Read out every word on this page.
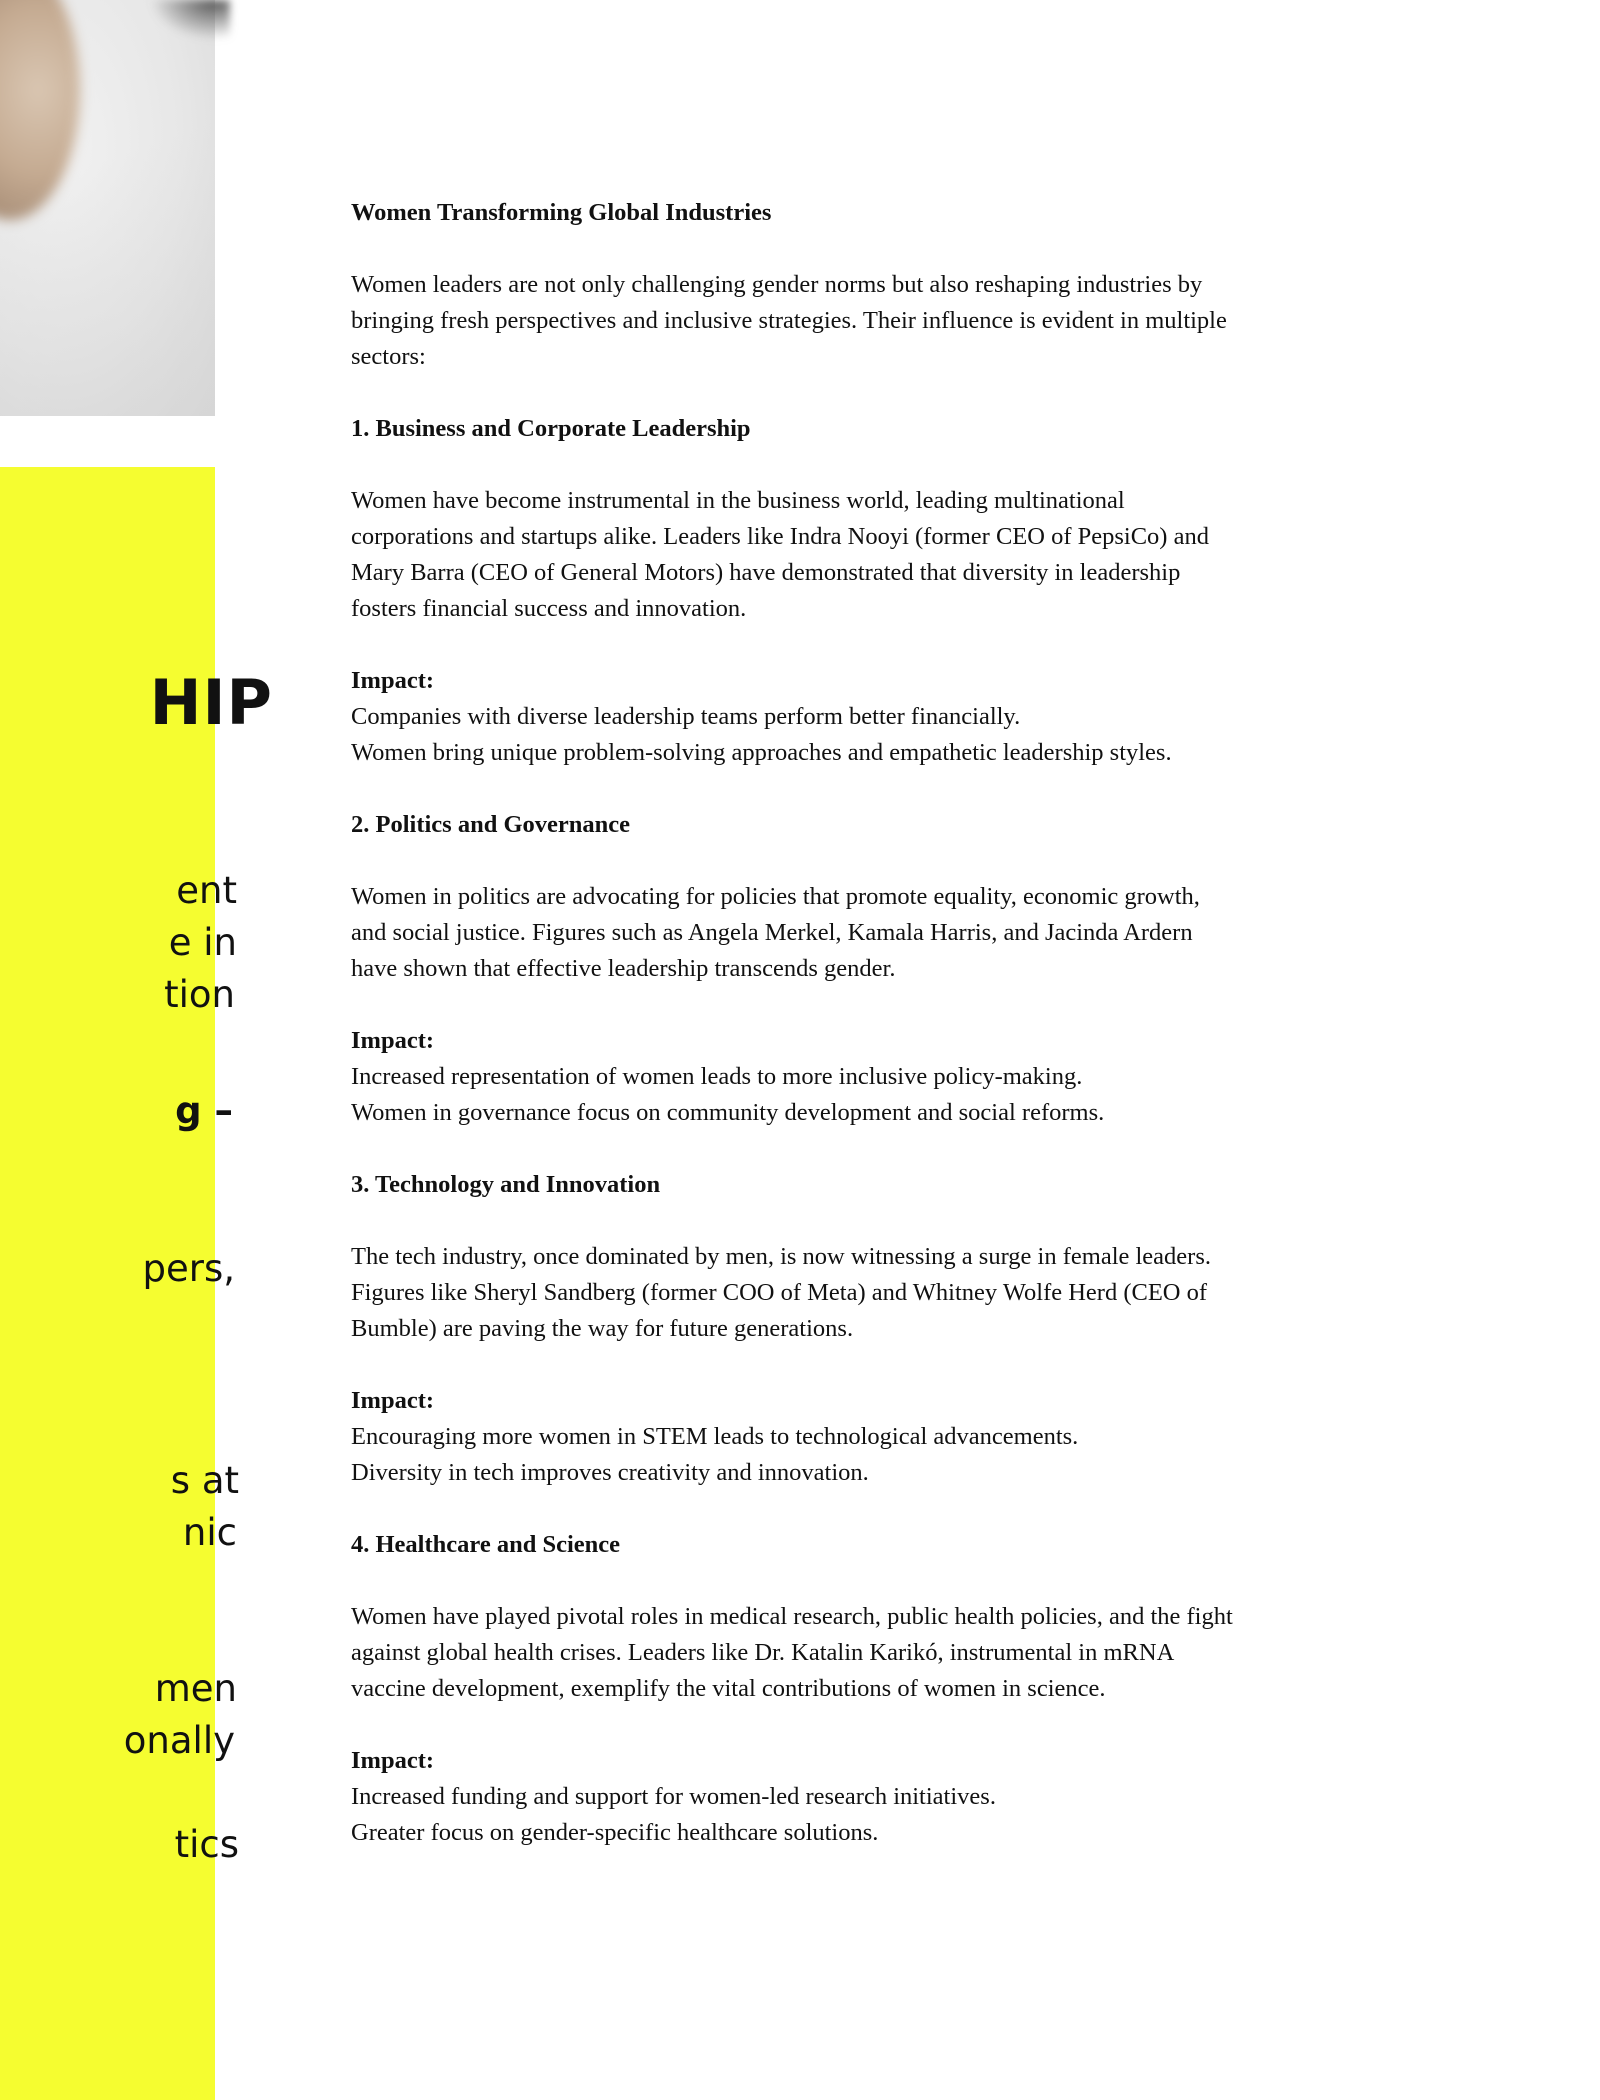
HIP
ent
e in
tion
g –
pers,
s at
nic
men
onally
tics

Women Transforming Global Industries

Women leaders are not only challenging gender norms but also reshaping industries by

bringing fresh perspectives and inclusive strategies. Their influence is evident in multiple

sectors:

1. Business and Corporate Leadership

Women have become instrumental in the business world, leading multinational

corporations and startups alike. Leaders like Indra Nooyi (former CEO of PepsiCo) and

Mary Barra (CEO of General Motors) have demonstrated that diversity in leadership

fosters financial success and innovation.

Impact:

Companies with diverse leadership teams perform better financially.

Women bring unique problem-solving approaches and empathetic leadership styles.

2. Politics and Governance

Women in politics are advocating for policies that promote equality, economic growth,

and social justice. Figures such as Angela Merkel, Kamala Harris, and Jacinda Ardern

have shown that effective leadership transcends gender.

Impact:

Increased representation of women leads to more inclusive policy-making.

Women in governance focus on community development and social reforms.

3. Technology and Innovation

The tech industry, once dominated by men, is now witnessing a surge in female leaders.

Figures like Sheryl Sandberg (former COO of Meta) and Whitney Wolfe Herd (CEO of

Bumble) are paving the way for future generations.

Impact:

Encouraging more women in STEM leads to technological advancements.

Diversity in tech improves creativity and innovation.

4. Healthcare and Science

Women have played pivotal roles in medical research, public health policies, and the fight

against global health crises. Leaders like Dr. Katalin Karikó, instrumental in mRNA

vaccine development, exemplify the vital contributions of women in science.

Impact:

Increased funding and support for women-led research initiatives.

Greater focus on gender-specific healthcare solutions.
